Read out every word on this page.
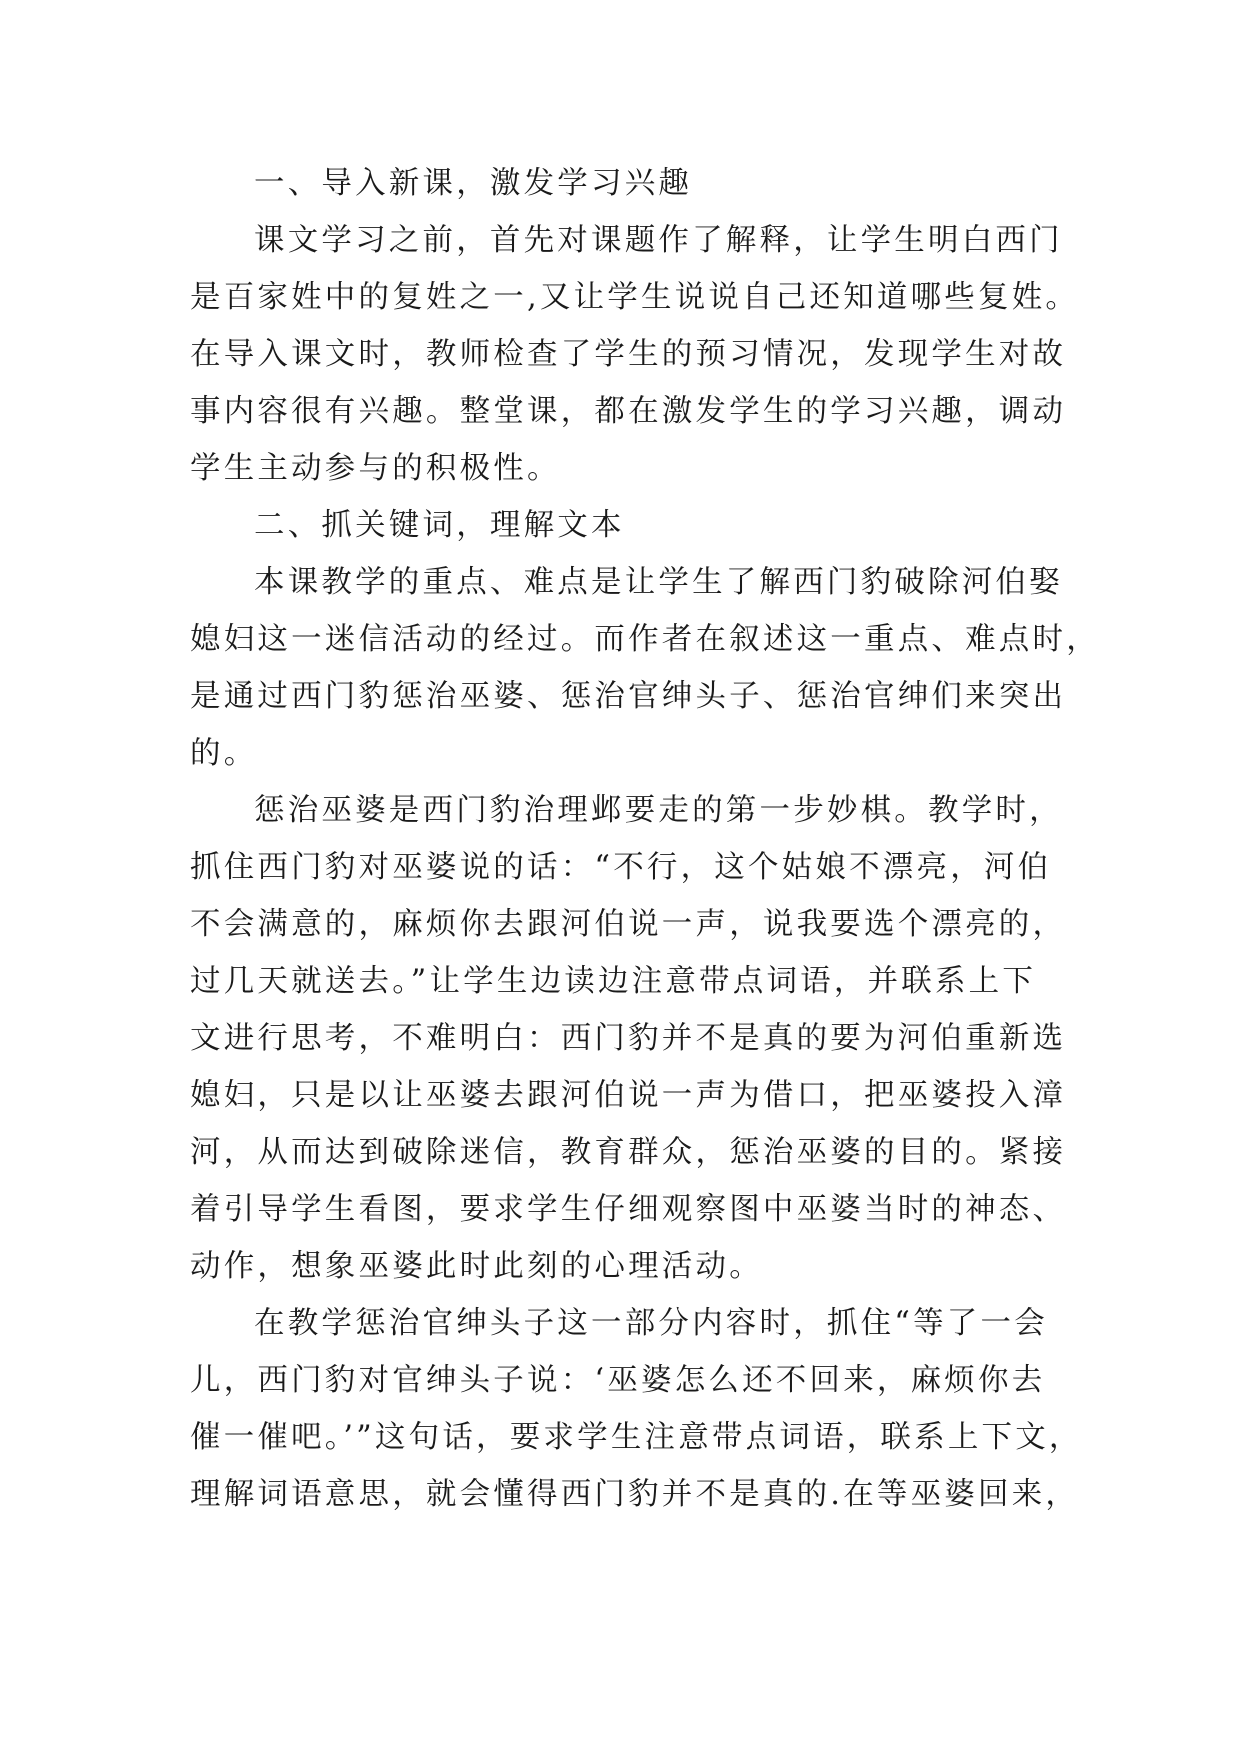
一、导入新课，激发学习兴趣
课文学习之前，首先对课题作了解释，让学生明白西门
是百家姓中的复姓之一,又让学生说说自己还知道哪些复姓。
在导入课文时，教师检查了学生的预习情况，发现学生对故
事内容很有兴趣。整堂课，都在激发学生的学习兴趣，调动
学生主动参与的积极性。
二、抓关键词，理解文本
本课教学的重点、难点是让学生了解西门豹破除河伯娶
媳妇这一迷信活动的经过。而作者在叙述这一重点、难点时，
是通过西门豹惩治巫婆、惩治官绅头子、惩治官绅们来突出
的。
惩治巫婆是西门豹治理邺要走的第一步妙棋。教学时，
抓住西门豹对巫婆说的话：“不行，这个姑娘不漂亮，河伯
不会满意的，麻烦你去跟河伯说一声，说我要选个漂亮的，
过几天就送去。”让学生边读边注意带点词语，并联系上下
文进行思考，不难明白：西门豹并不是真的要为河伯重新选
媳妇，只是以让巫婆去跟河伯说一声为借口，把巫婆投入漳
河，从而达到破除迷信，教育群众，惩治巫婆的目的。紧接
着引导学生看图，要求学生仔细观察图中巫婆当时的神态、
动作，想象巫婆此时此刻的心理活动。
在教学惩治官绅头子这一部分内容时，抓住“等了一会
儿，西门豹对官绅头子说：‘巫婆怎么还不回来，麻烦你去
催一催吧。’”这句话，要求学生注意带点词语，联系上下文，
理解词语意思，就会懂得西门豹并不是真的.在等巫婆回来，
